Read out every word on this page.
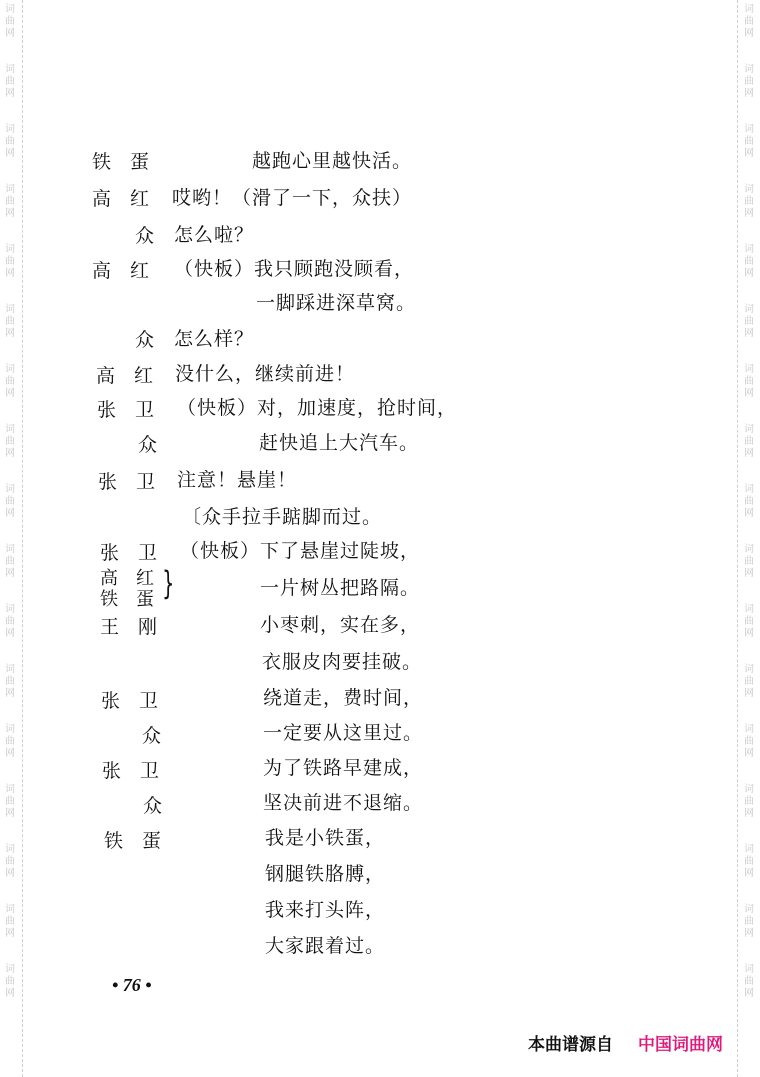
词
曲
网
词
曲
网
词
曲
网
词
曲
网
词
曲
网
词
曲
网
词
曲
网
词
曲
网
词
曲
网
词
曲
网
词
曲
网
词
曲
网
词
曲
网
词
曲
网
词
曲
网
词
曲
网
词
曲
网
词
曲
网
词
曲
网
词
曲
网
词
曲
网
词
曲
网
词
曲
网
词
曲
网
词
曲
网
词
曲
网
词
曲
网
词
曲
网
词
曲
网
词
曲
网
词
曲
网
词
曲
网
词
曲
网
词
曲
网
铁　蛋	越跑心里越快活。
高　红 哎哟！（滑了一下，众扶）
众 怎么啦？
高　红 （快板）我只顾跑没顾看，
一脚踩进深草窝。
众 怎么样？
高　红 没什么，继续前进！
张　卫 （快板）对，加速度，抢时间，
众	赶快追上大汽车。
张　卫 注意！悬崖！
〔众手拉手踮脚而过。
张　卫 （快板）下了悬崖过陡坡，
高　红
铁　蛋 }	一片树丛把路隔。
王　刚	小枣刺，实在多，
衣服皮肉要挂破。
张　卫	绕道走，费时间，
众	一定要从这里过。
张　卫	为了铁路早建成，
众	坚决前进不退缩。
铁　蛋	我是小铁蛋，
钢腿铁胳膊，
我来打头阵，
大家跟着过。
• 76 •
本曲谱源自 中国词曲网
